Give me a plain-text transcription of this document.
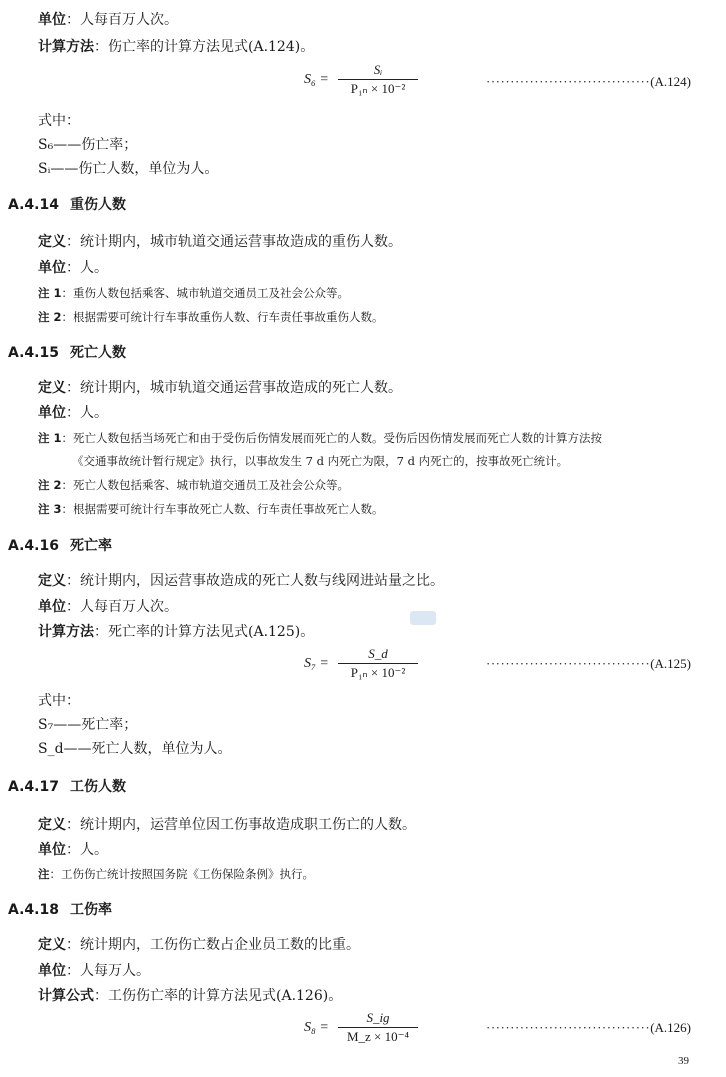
单位：人每百万人次。
计算方法：伤亡率的计算方法见式(A.124)。
S₆ =
Sᵢ
P₁ₙ × 10⁻²	··································(A.124)
式中：
S₆——伤亡率；
Sᵢ——伤亡人数，单位为人。
A.4.14 重伤人数
定义：统计期内，城市轨道交通运营事故造成的重伤人数。
单位：人。
注 1：重伤人数包括乘客、城市轨道交通员工及社会公众等。
注 2：根据需要可统计行车事故重伤人数、行车责任事故重伤人数。
A.4.15 死亡人数
定义：统计期内，城市轨道交通运营事故造成的死亡人数。
单位：人。
注 1：死亡人数包括当场死亡和由于受伤后伤情发展而死亡的人数。受伤后因伤情发展而死亡人数的计算方法按
《交通事故统计暂行规定》执行，以事故发生 7 d 内死亡为限，7 d 内死亡的，按事故死亡统计。
注 2：死亡人数包括乘客、城市轨道交通员工及社会公众等。
注 3：根据需要可统计行车事故死亡人数、行车责任事故死亡人数。
A.4.16 死亡率
定义：统计期内，因运营事故造成的死亡人数与线网进站量之比。
单位：人每百万人次。
计算方法：死亡率的计算方法见式(A.125)。
S₇ =
S_d
P₁ₙ × 10⁻²
··································(A.125)
式中：
S₇——死亡率；
S_d——死亡人数，单位为人。
A.4.17 工伤人数
定义：统计期内，运营单位因工伤事故造成职工伤亡的人数。
单位：人。
注：工伤伤亡统计按照国务院《工伤保险条例》执行。
A.4.18 工伤率
定义：统计期内，工伤伤亡数占企业员工数的比重。
单位：人每万人。
计算公式：工伤伤亡率的计算方法见式(A.126)。
S₈ =
S_ig
M_z × 10⁻⁴
··································(A.126)
39
